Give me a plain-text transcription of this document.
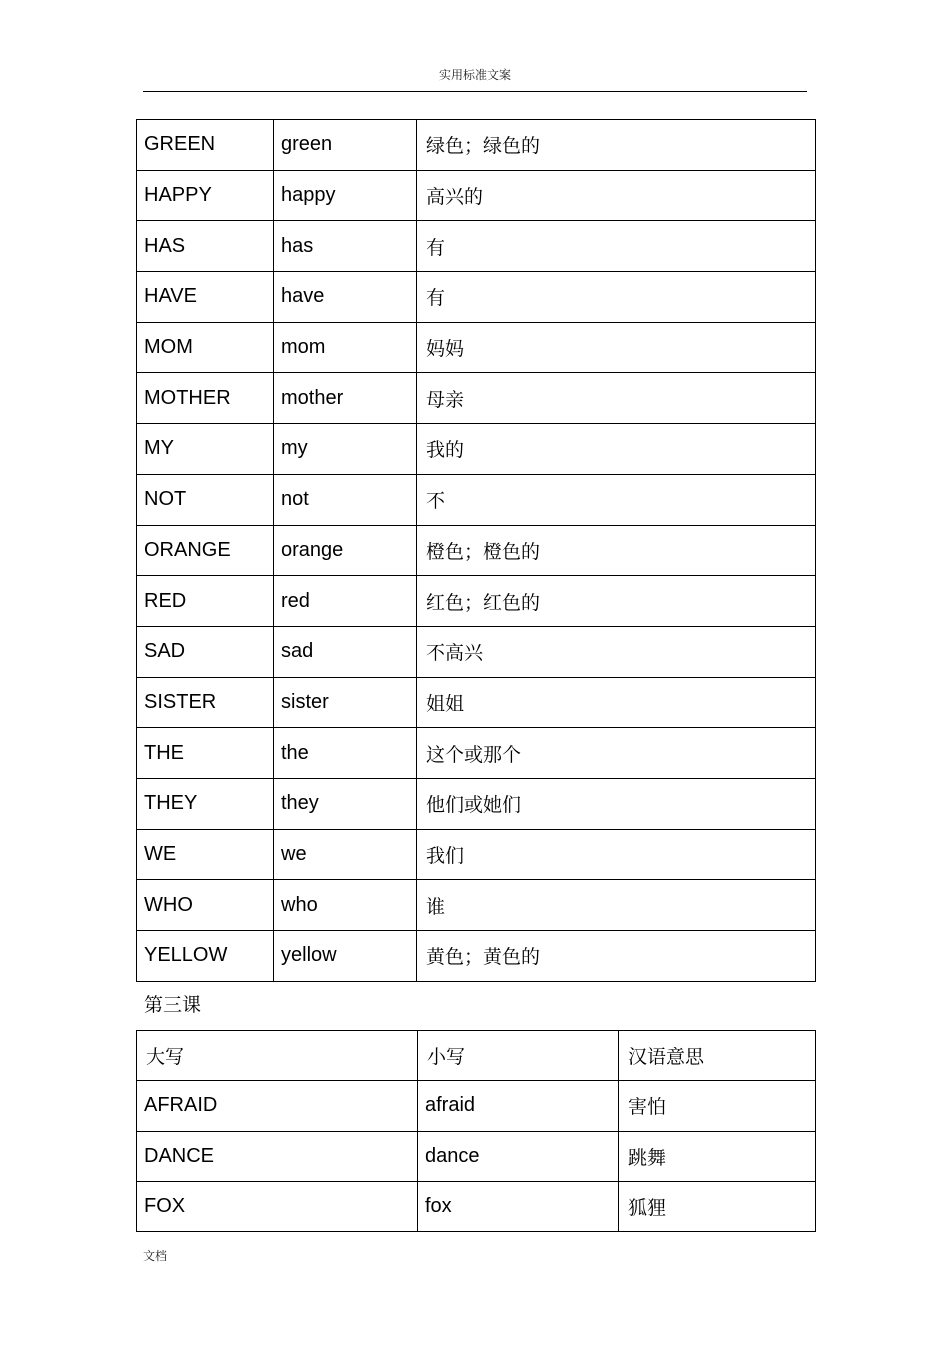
实用标准文案
GREEN	green	绿色；绿色的
HAPPY	happy	高兴的
HAS	has	有
HAVE	have	有
MOM	mom	妈妈
MOTHER	mother	母亲
MY	my	我的
NOT	not	不
ORANGE	orange	橙色；橙色的
RED	red	红色；红色的
SAD	sad	不高兴
SISTER	sister	姐姐
THE	the	这个或那个
THEY	they	他们或她们
WE	we	我们
WHO	who	谁
YELLOW	yellow	黄色；黄色的
第三课
大写	小写	汉语意思
AFRAID	afraid	害怕
DANCE	dance	跳舞
FOX	fox	狐狸
文档
